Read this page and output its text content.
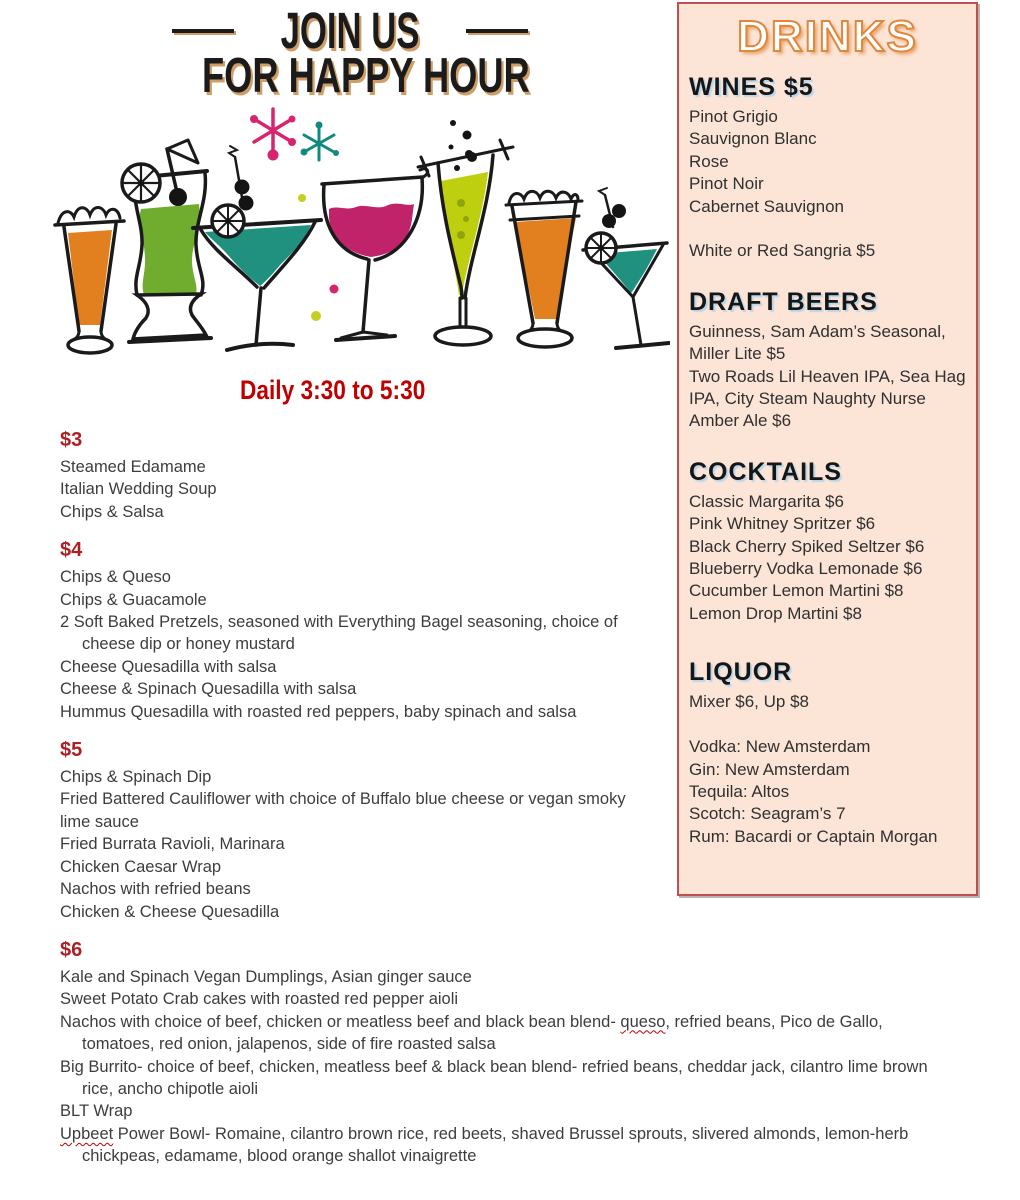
JOIN US
FOR HAPPY HOUR
Daily 3:30 to 5:30
$3
Steamed Edamame
Italian Wedding Soup
Chips & Salsa
$4
Chips & Queso
Chips & Guacamole
2 Soft Baked Pretzels, seasoned with Everything Bagel seasoning, choice of
cheese dip or honey mustard
Cheese Quesadilla with salsa
Cheese & Spinach Quesadilla with salsa
Hummus Quesadilla with roasted red peppers, baby spinach and salsa
$5
Chips & Spinach Dip
Fried Battered Cauliflower with choice of Buffalo blue cheese or vegan smoky
lime sauce
Fried Burrata Ravioli, Marinara
Chicken Caesar Wrap
Nachos with refried beans
Chicken & Cheese Quesadilla
$6
Kale and Spinach Vegan Dumplings, Asian ginger sauce
Sweet Potato Crab cakes with roasted red pepper aioli
Nachos with choice of beef, chicken or meatless beef and black bean blend- queso, refried beans, Pico de Gallo,
tomatoes, red onion, jalapenos, side of fire roasted salsa
Big Burrito- choice of beef, chicken, meatless beef & black bean blend- refried beans, cheddar jack, cilantro lime brown
rice, ancho chipotle aioli
BLT Wrap
Upbeet Power Bowl- Romaine, cilantro brown rice, red beets, shaved Brussel sprouts, slivered almonds, lemon-herb
chickpeas, edamame, blood orange shallot vinaigrette
DRINKS
WINES $5
Pinot Grigio
Sauvignon Blanc
Rose
Pinot Noir
Cabernet Sauvignon
White or Red Sangria $5
DRAFT BEERS
Guinness, Sam Adam’s Seasonal,
Miller Lite $5
Two Roads Lil Heaven IPA, Sea Hag
IPA, City Steam Naughty Nurse
Amber Ale $6
COCKTAILS
Classic Margarita $6
Pink Whitney Spritzer $6
Black Cherry Spiked Seltzer $6
Blueberry Vodka Lemonade $6
Cucumber Lemon Martini $8
Lemon Drop Martini $8
LIQUOR
Mixer $6, Up $8
Vodka: New Amsterdam
Gin: New Amsterdam
Tequila: Altos
Scotch: Seagram’s 7
Rum: Bacardi or Captain Morgan
